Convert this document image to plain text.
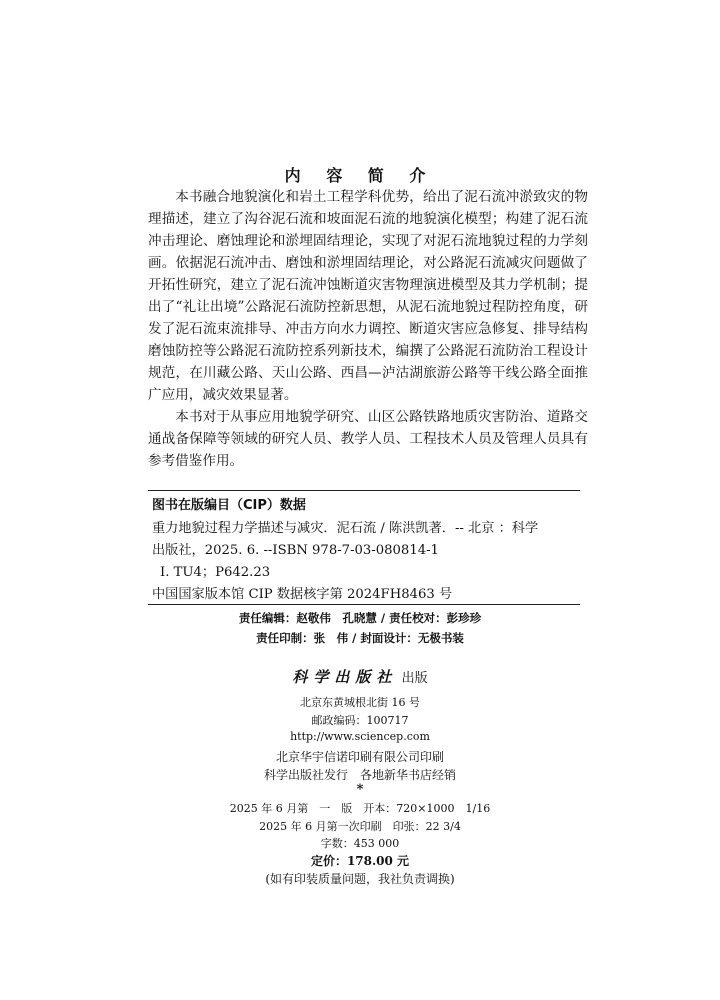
内 容 简 介

本书融合地貌演化和岩土工程学科优势，给出了泥石流冲淤致灾的物理描述，建立了沟谷泥石流和坡面泥石流的地貌演化模型；构建了泥石流冲击理论、磨蚀理论和淤埋固结理论，实现了对泥石流地貌过程的力学刻画。依据泥石流冲击、磨蚀和淤埋固结理论，对公路泥石流减灾问题做了开拓性研究，建立了泥石流冲蚀断道灾害物理演进模型及其力学机制；提出了“礼让出境”公路泥石流防控新思想，从泥石流地貌过程防控角度，研发了泥石流束流排导、冲击方向水力调控、断道灾害应急修复、排导结构磨蚀防控等公路泥石流防控系列新技术，编撰了公路泥石流防治工程设计规范，在川藏公路、天山公路、西昌—泸沽湖旅游公路等干线公路全面推广应用，减灾效果显著。

本书对于从事应用地貌学研究、山区公路铁路地质灾害防治、道路交通战备保障等领域的研究人员、教学人员、工程技术人员及管理人员具有参考借鉴作用。

图书在版编目（CIP）数据
重力地貌过程力学描述与减灾．泥石流 / 陈洪凯著．-- 北京 ：科学
出版社，2025. 6. --ISBN 978-7-03-080814-1
Ⅰ. TU4；P642.23
中国国家版本馆 CIP 数据核字第 2024FH8463 号
责任编辑：赵敬伟　孔晓慧 / 责任校对：彭珍珍
责任印制：张　伟 / 封面设计：无极书装
科学出版社 出版
北京东黄城根北街 16 号
邮政编码：100717
http://www.sciencep.com
北京华宇信诺印刷有限公司印刷
科学出版社发行　各地新华书店经销
*
2025 年 6 月第　一　版　开本：720×1000　1/16
2025 年 6 月第一次印刷　印张：22 3/4
字数：453 000
定价：178.00 元
(如有印装质量问题，我社负责调换)
